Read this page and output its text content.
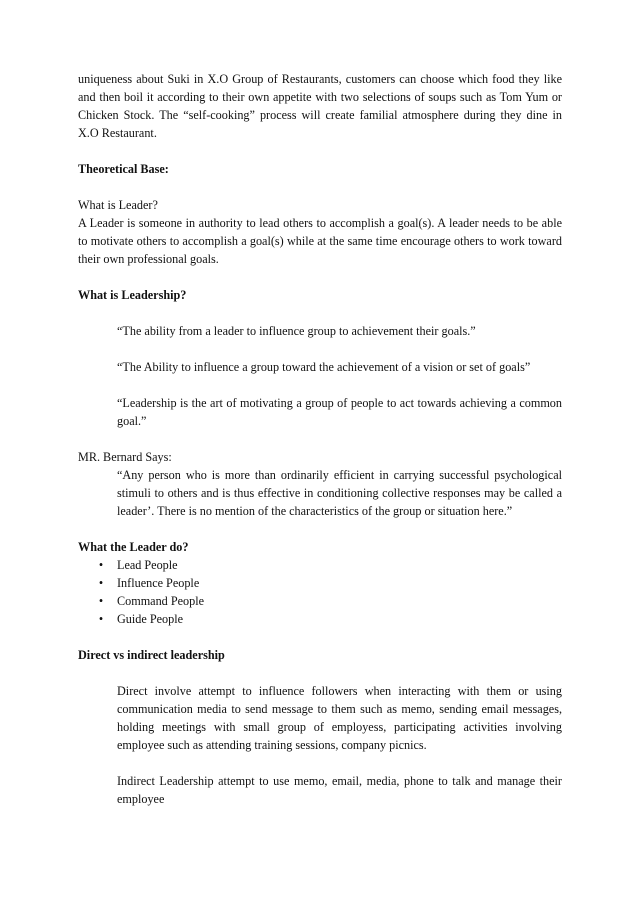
uniqueness about Suki in X.O Group of Restaurants, customers can choose which food they like and then boil it according to their own appetite with two selections of soups such as Tom Yum or Chicken Stock. The “self-cooking” process will create familial atmosphere during they dine in X.O Restaurant.

Theoretical Base:

What is Leader?

A Leader is someone in authority to lead others to accomplish a goal(s). A leader needs to be able to motivate others to accomplish a goal(s) while at the same time encourage others to work toward their own professional goals.

What is Leadership?

“The ability from a leader to influence group to achievement their goals.”

“The Ability to influence a group toward the achievement of a vision or set of goals”

“Leadership is the art of motivating a group of people to act towards achieving a common goal.”

MR. Bernard Says:

“Any person who is more than ordinarily efficient in carrying successful psychological stimuli to others and is thus effective in conditioning collective responses may be called a leader’. There is no mention of the characteristics of the group or situation here.”

What the Leader do?

•	Lead People
•	Influence People
•	Command People
•	Guide People

Direct vs indirect leadership

Direct involve attempt to influence followers when interacting with them or using communication media to send message to them such as memo, sending email messages, holding meetings with small group of employess, participating activities involving employee such as attending training sessions, company picnics.

Indirect Leadership attempt to use memo, email, media, phone to talk and manage their employee
